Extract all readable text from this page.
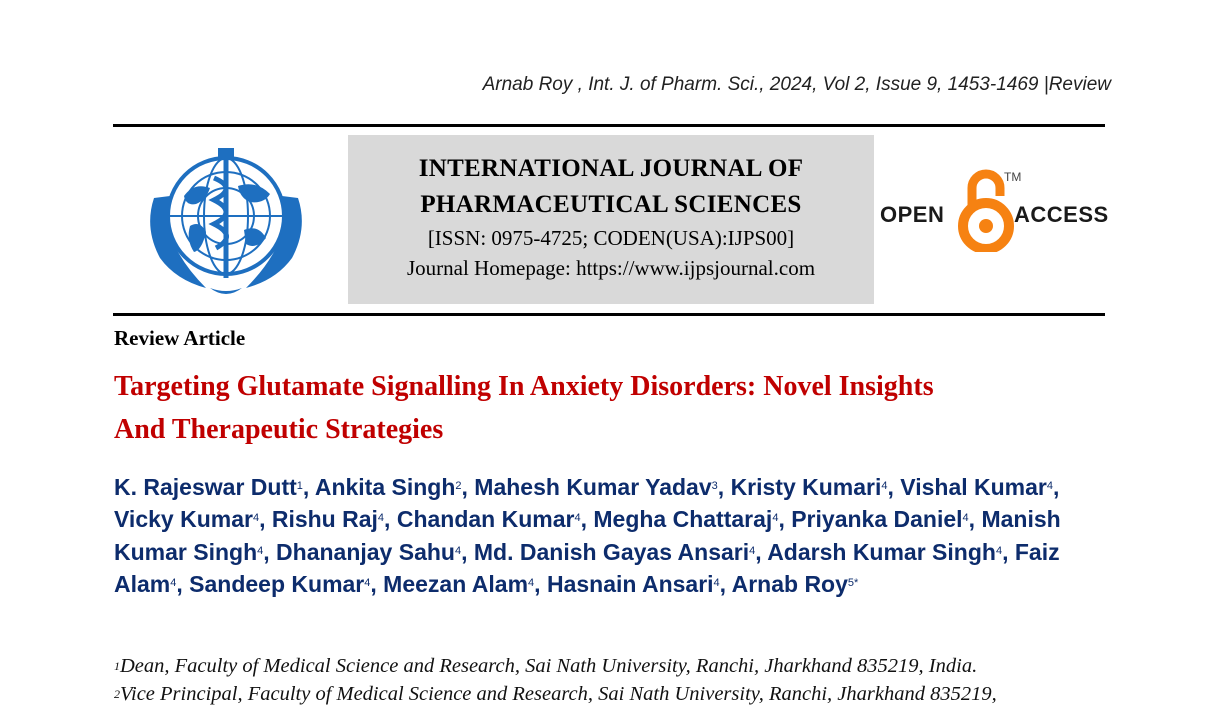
Arnab Roy , Int. J. of Pharm. Sci., 2024, Vol 2, Issue 9, 1453-1469 |Review
INTERNATIONAL JOURNAL OF
PHARMACEUTICAL SCIENCES
[ISSN: 0975-4725; CODEN(USA):IJPS00]
Journal Homepage: https://www.ijpsjournal.com
OPEN
TM
ACCESS
Review Article
Targeting Glutamate Signalling In Anxiety Disorders: Novel Insights
And Therapeutic Strategies
K. Rajeswar Dutt$^1$, Ankita Singh$^2$, Mahesh Kumar Yadav$^3$, Kristy Kumari$^4$, Vishal Kumar$^4$, Vicky Kumar$^4$, Rishu Raj$^4$, Chandan Kumar$^4$, Megha Chattaraj$^4$, Priyanka Daniel$^4$, Manish Kumar Singh$^4$, Dhananjay Sahu$^4$, Md. Danish Gayas Ansari$^4$, Adarsh Kumar Singh$^4$, Faiz Alam$^4$, Sandeep Kumar$^4$, Meezan Alam$^4$, Hasnain Ansari$^4$, Arnab Roy$^{5*}$
$^1$Dean, Faculty of Medical Science and Research, Sai Nath University, Ranchi, Jharkhand 835219, India.
$^2$Vice Principal, Faculty of Medical Science and Research, Sai Nath University, Ranchi, Jharkhand 835219,
